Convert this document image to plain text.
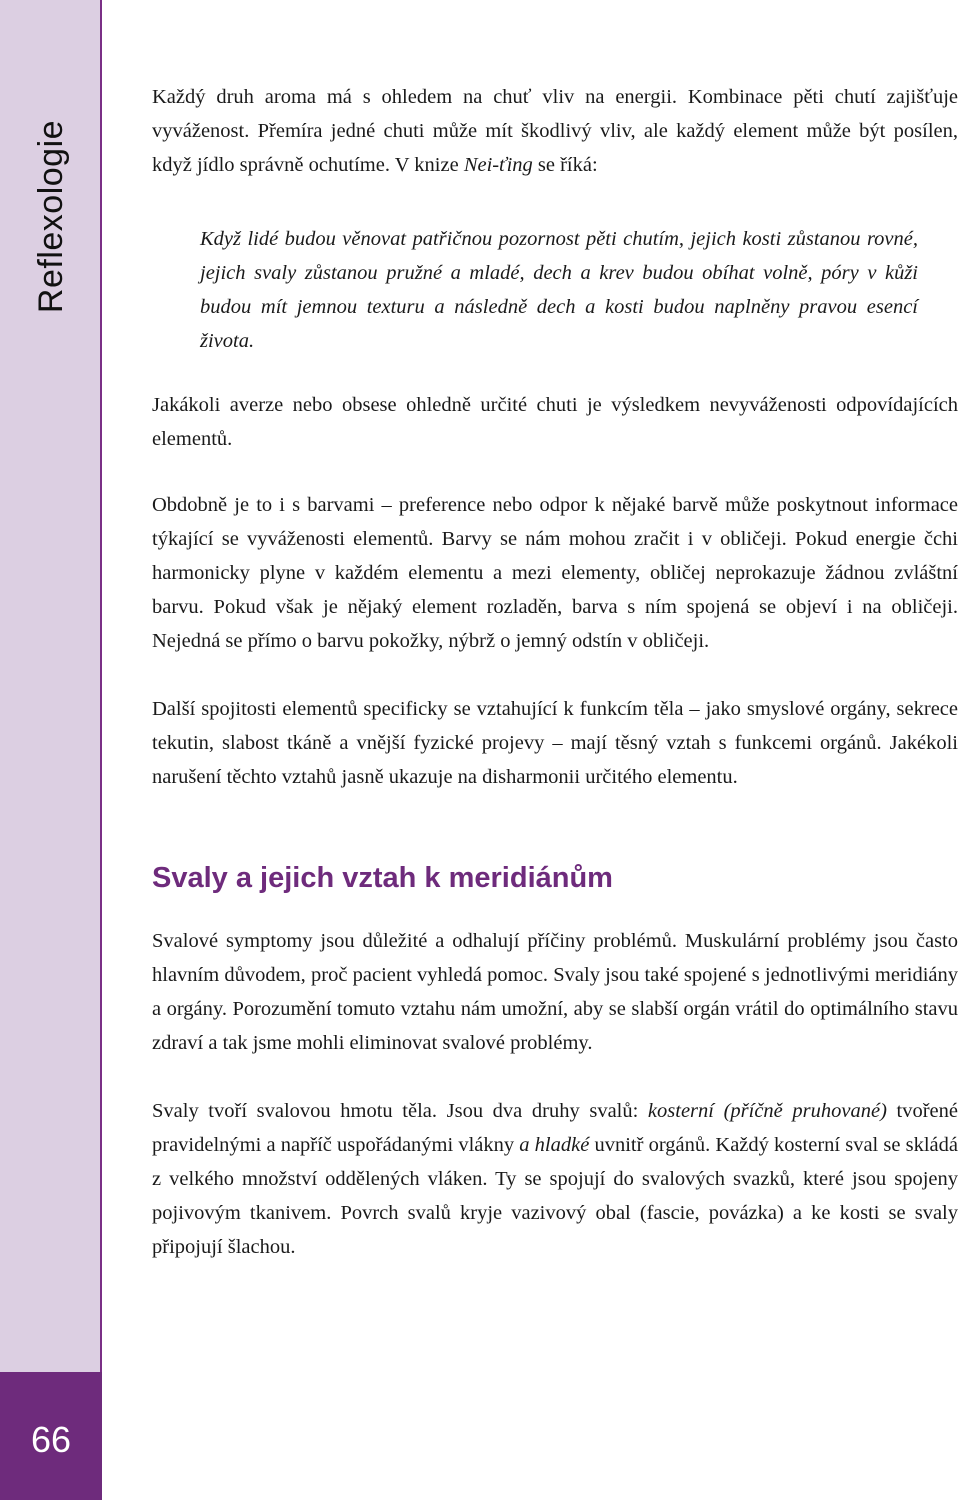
Reflexologie
66

Každý druh aroma má s ohledem na chuť vliv na energii. Kombinace pěti chutí zajišťuje vyváženost. Přemíra jedné chuti může mít škodlivý vliv, ale každý element může být posílen, když jídlo správně ochutíme. V knize Nei-ťing se říká:

Když lidé budou věnovat patřičnou pozornost pěti chutím, jejich kosti zůstanou rovné, jejich svaly zůstanou pružné a mladé, dech a krev budou obíhat volně, póry v kůži budou mít jemnou texturu a následně dech a kosti budou naplněny pravou esencí života.

Jakákoli averze nebo obsese ohledně určité chuti je výsledkem nevyváženosti odpovídajících elementů.

Obdobně je to i s barvami – preference nebo odpor k nějaké barvě může poskytnout informace týkající se vyváženosti elementů. Barvy se nám mohou zračit i v obličeji. Pokud energie čchi harmonicky plyne v každém elementu a mezi elementy, obličej neprokazuje žádnou zvláštní barvu. Pokud však je nějaký element rozladěn, barva s ním spojená se objeví i na obličeji. Nejedná se přímo o barvu pokožky, nýbrž o jemný odstín v obličeji.

Další spojitosti elementů specificky se vztahující k funkcím těla – jako smyslové orgány, sekrece tekutin, slabost tkáně a vnější fyzické projevy – mají těsný vztah s funkcemi orgánů. Jakékoli narušení těchto vztahů jasně ukazuje na disharmonii určitého elementu.

Svaly a jejich vztah k meridiánům

Svalové symptomy jsou důležité a odhalují příčiny problémů. Muskulární problémy jsou často hlavním důvodem, proč pacient vyhledá pomoc. Svaly jsou také spojené s jednotlivými meridiány a orgány. Porozumění tomuto vztahu nám umožní, aby se slabší orgán vrátil do optimálního stavu zdraví a tak jsme mohli eliminovat svalové problémy.

Svaly tvoří svalovou hmotu těla. Jsou dva druhy svalů: kosterní (příčně pruhované) tvořené pravidelnými a napříč uspořádanými vlákny a hladké uvnitř orgánů. Každý kosterní sval se skládá z velkého množství oddělených vláken. Ty se spojují do svalových svazků, které jsou spojeny pojivovým tkanivem. Povrch svalů kryje vazivový obal (fascie, povázka) a ke kosti se svaly připojují šlachou.
